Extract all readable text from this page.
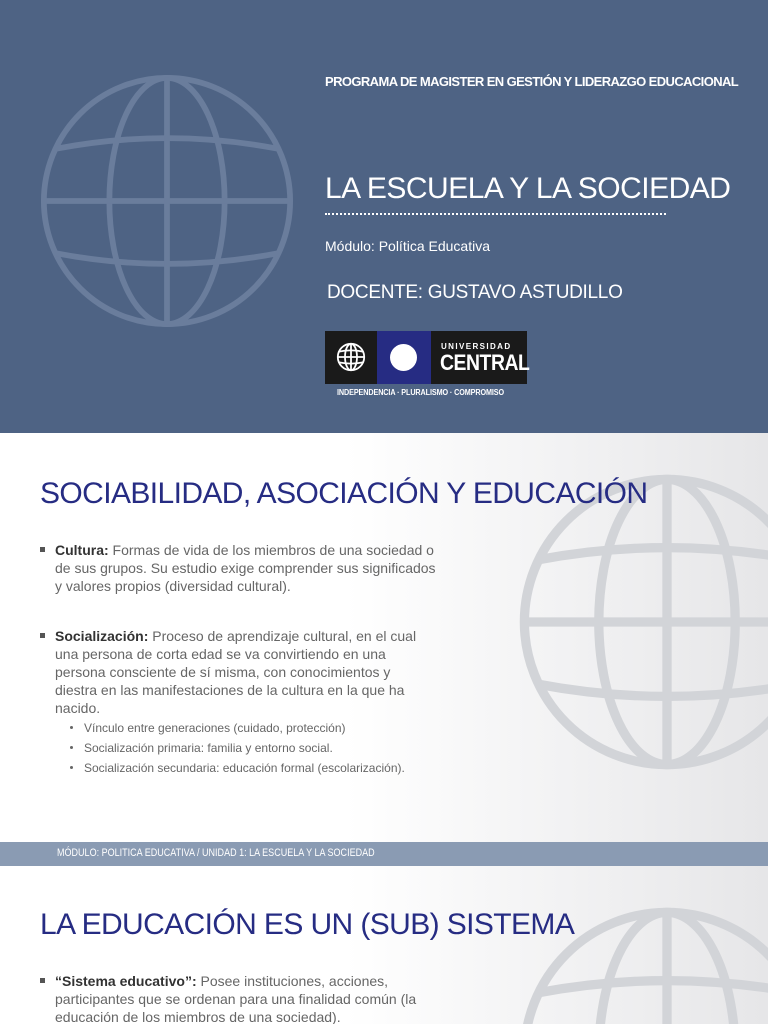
PROGRAMA DE MAGISTER EN GESTIÓN Y LIDERAZGO EDUCACIONAL
LA ESCUELA Y LA SOCIEDAD
Módulo: Política Educativa
DOCENTE: GUSTAVO ASTUDILLO
UNIVERSIDAD
CENTRAL
INDEPENDENCIA · PLURALISMO · COMPROMISO
SOCIABILIDAD, ASOCIACIÓN Y EDUCACIÓN
Cultura: Formas de vida de los miembros de una sociedad o de sus grupos. Su estudio exige comprender sus significados y valores propios (diversidad cultural).
Socialización: Proceso de aprendizaje cultural, en el cual una persona de corta edad se va convirtiendo en una persona consciente de sí misma, con conocimientos y diestra en las manifestaciones de la cultura en la que ha nacido.
Vínculo entre generaciones (cuidado, protección)
Socialización primaria: familia y entorno social.
Socialización secundaria: educación formal (escolarización).
MÓDULO: POLITICA EDUCATIVA / UNIDAD 1: LA ESCUELA Y LA SOCIEDAD
LA EDUCACIÓN ES UN (SUB) SISTEMA
“Sistema educativo”: Posee instituciones, acciones, participantes que se ordenan para una finalidad común (la educación de los miembros de una sociedad).
